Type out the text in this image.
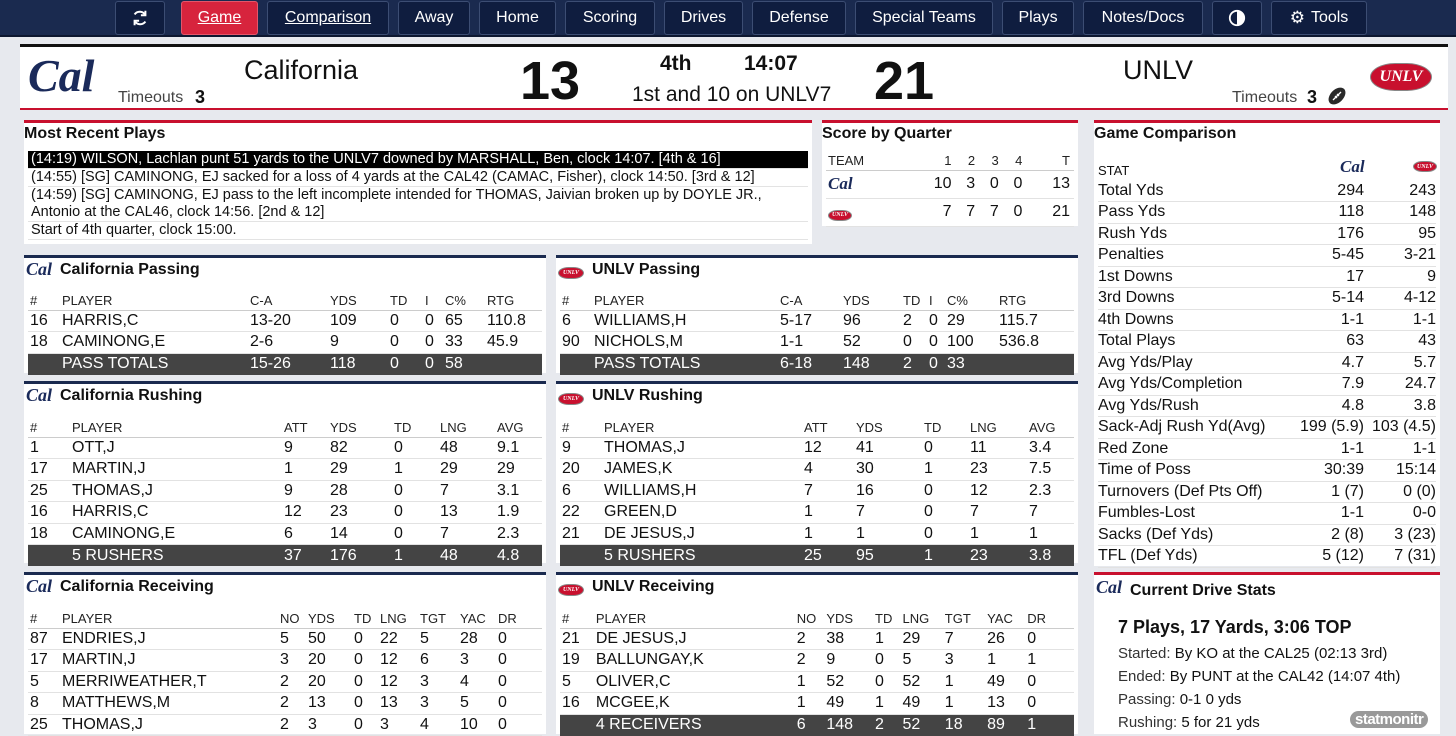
Game	Comparison	Away	Home	Scoring	Drives	Defense	Special Teams	Plays	Notes/Docs	⚙ Tools
Cal	California
Timeouts 3	13	4th	14:07
1st and 10 on UNLV7 21	UNLV
Timeouts 3
UNLV
Most Recent Plays
(14:19) WILSON, Lachlan punt 51 yards to the UNLV7 downed by MARSHALL, Ben, clock 14:07. [4th & 16]
(14:55) [SG] CAMINONG, EJ sacked for a loss of 4 yards at the CAL42 (CAMAC, Fisher), clock 14:50. [3rd & 12]
(14:59) [SG] CAMINONG, EJ pass to the left incomplete intended for THOMAS, Jaivian broken up by DOYLE JR., Antonio at the CAL46, clock 14:56. [2nd & 12]
Start of 4th quarter, clock 15:00.
Score by Quarter
TEAM	1	2	3	4	T
Cal	10	3	0	0	13
UNLV	7	7	7	0	21
Game Comparison
STAT	Cal	UNLV
Total Yds	294	243
Pass Yds	118	148
Rush Yds	176	95
Penalties	5-45	3-21
1st Downs	17	9
3rd Downs	5-14	4-12
4th Downs	1-1	1-1
Total Plays	63	43
Avg Yds/Play	4.7	5.7
Avg Yds/Completion	7.9	24.7
Avg Yds/Rush	4.8	3.8
Sack-Adj Rush Yd(Avg)	199 (5.9)	103 (4.5)
Red Zone	1-1	1-1
Time of Poss	30:39	15:14
Turnovers (Def Pts Off)	1 (7)	0 (0)
Fumbles-Lost	1-1	0-0
Sacks (Def Yds)	2 (8)	3 (23)
TFL (Def Yds)	5 (12)	7 (31)
Cal California Passing
#	PLAYER	C-A	YDS	TD	I	C%	RTG
16	HARRIS,C	13-20	109	0	0	65	110.8
18	CAMINONG,E	2-6	9	0	0	33	45.9
	PASS TOTALS	15-26	118	0	0	58	
UNLV UNLV Passing
#	PLAYER	C-A	YDS	TD	I	C%	RTG
6	WILLIAMS,H	5-17	96	2	0	29	115.7
90	NICHOLS,M	1-1	52	0	0	100	536.8
	PASS TOTALS	6-18	148	2	0	33	
Cal California Rushing
#	PLAYER	ATT	YDS	TD	LNG	AVG
1	OTT,J	9	82	0	48	9.1
17	MARTIN,J	1	29	1	29	29
25	THOMAS,J	9	28	0	7	3.1
16	HARRIS,C	12	23	0	13	1.9
18	CAMINONG,E	6	14	0	7	2.3
	5 RUSHERS	37	176	1	48	4.8
UNLV UNLV Rushing
#	PLAYER	ATT	YDS	TD	LNG	AVG
9	THOMAS,J	12	41	0	11	3.4
20	JAMES,K	4	30	1	23	7.5
6	WILLIAMS,H	7	16	0	12	2.3
22	GREEN,D	1	7	0	7	7
21	DE JESUS,J	1	1	0	1	1
	5 RUSHERS	25	95	1	23	3.8
Cal California Receiving
#	PLAYER	NO	YDS	TD	LNG	TGT	YAC	DR
87	ENDRIES,J	5	50	0	22	5	28	0
17	MARTIN,J	3	20	0	12	6	3	0
5	MERRIWEATHER,T	2	20	0	12	3	4	0
8	MATTHEWS,M	2	13	0	13	3	5	0
25	THOMAS,J	2	3	0	3	4	10	0
UNLV UNLV Receiving
#	PLAYER	NO	YDS	TD	LNG	TGT	YAC	DR
21	DE JESUS,J	2	38	1	29	7	26	0
19	BALLUNGAY,K	2	9	0	5	3	1	1
5	OLIVER,C	1	52	0	52	1	49	0
16	MCGEE,K	1	49	1	49	1	13	0
	4 RECEIVERS	6	148	2	52	18	89	1
Cal Current Drive Stats
7 Plays, 17 Yards, 3:06 TOP
Started: By KO at the CAL25 (02:13 3rd)
Ended: By PUNT at the CAL42 (14:07 4th)
Passing: 0-1 0 yds
Rushing: 5 for 21 yds	statmonitr
